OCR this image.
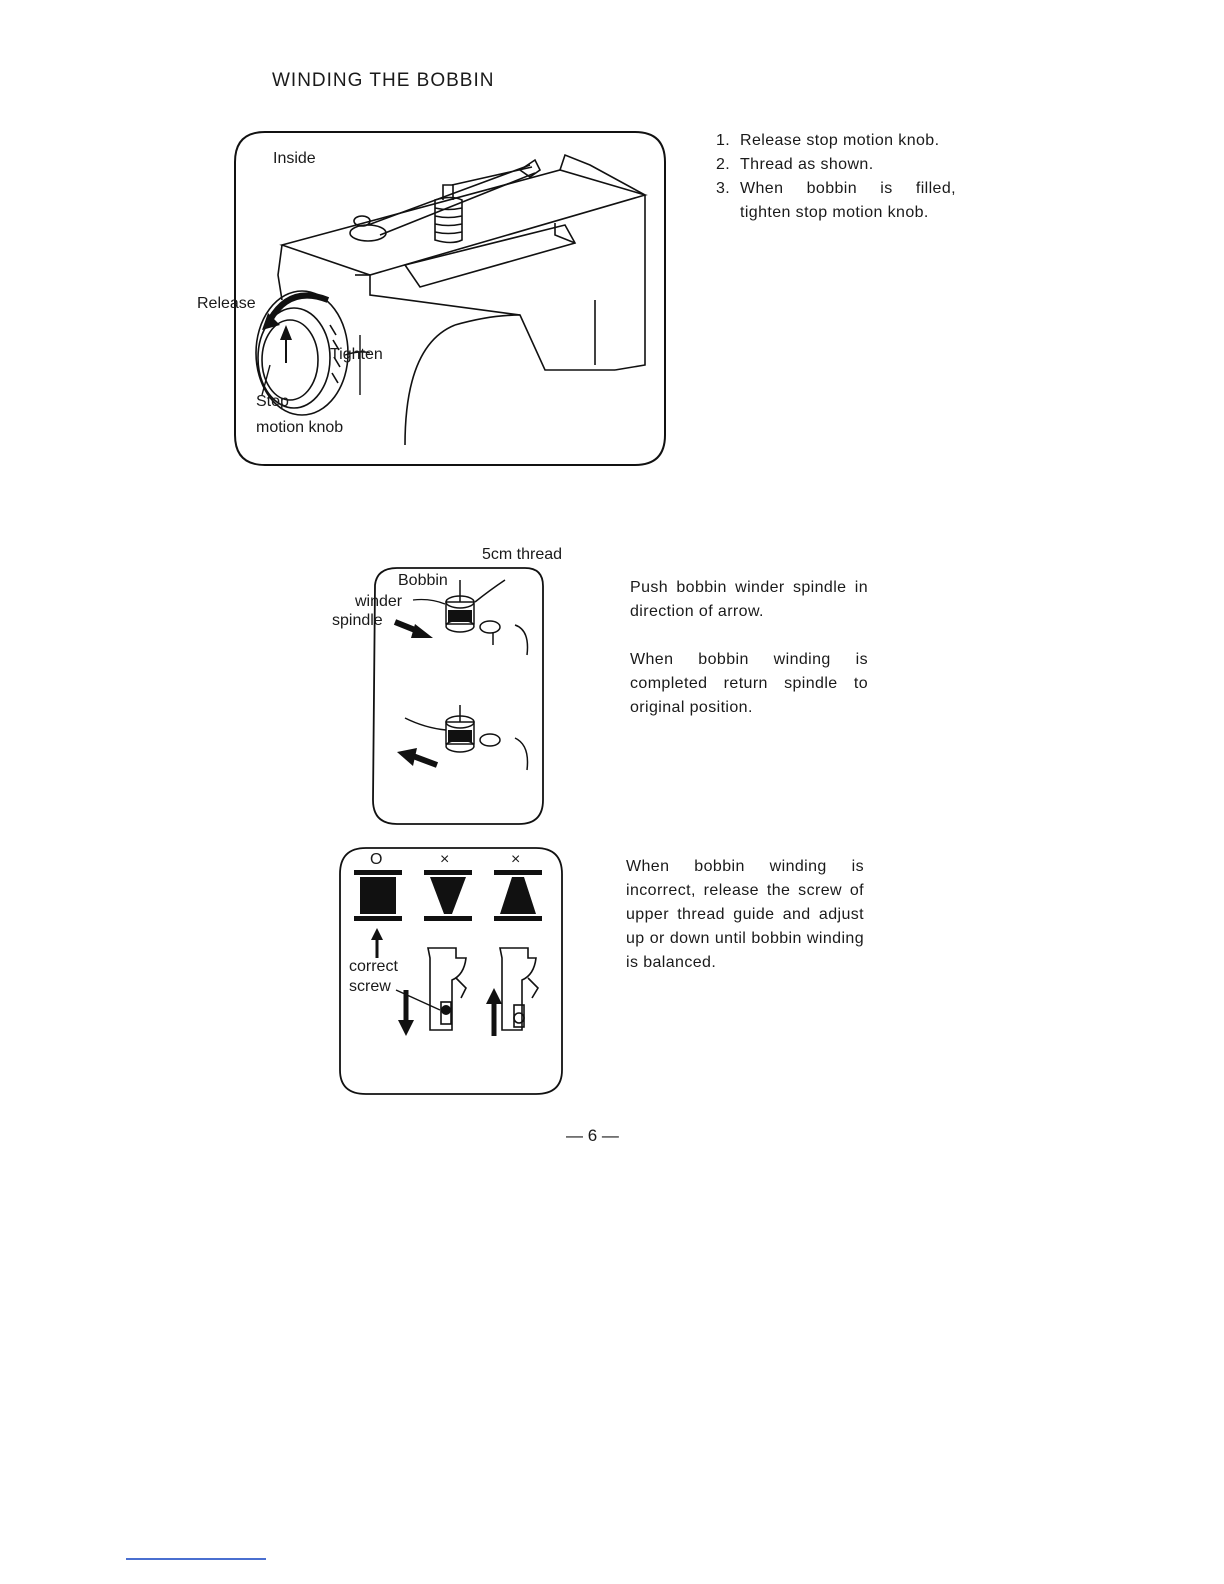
WINDING THE BOBBIN
Inside
Release
Tighten
Stop
motion knob
1. Release stop motion knob.
2. Thread as shown.
3. When bobbin is filled, tighten stop motion knob.
5cm thread
Bobbin
winder
spindle
Push bobbin winder spindle in direction of arrow.
When bobbin winding is completed return spindle to original position.
O	×	×
correct
screw
When bobbin winding is incorrect, release the screw of upper thread guide and adjust up or down until bobbin winding is balanced.
— 6 —
